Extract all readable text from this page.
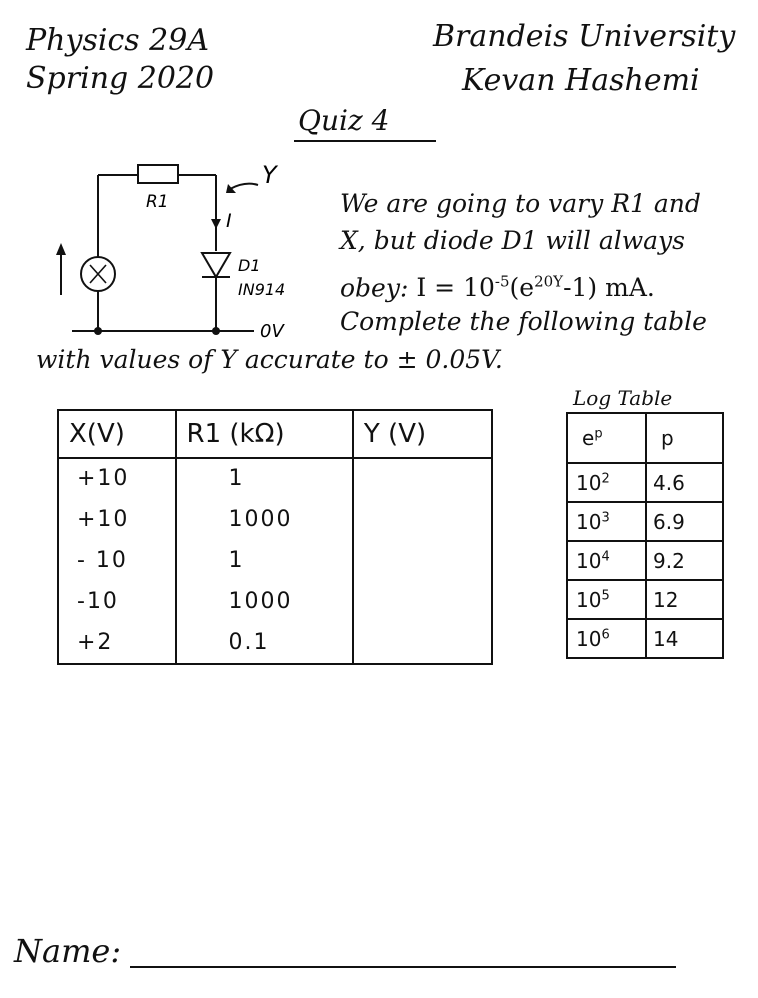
Physics 29A
Spring 2020
Brandeis University
Kevan Hashemi
Quiz 4
R1
I
Y
D1
IN914
0V
We are going to vary R1 and
X, but diode D1 will always
obey: $I = 10^{-5}(e^{20Y}-1)$ mA.
Complete the following table
with values of Y accurate to ± 0.05V.
X(V)	R1 (kΩ)	Y (V)
+10	1	
+10	1000	
- 10	1	
-10	1000	
+2	0.1	
Log Table
$e^p$	p
$10^2$	4.6
$10^3$	6.9
$10^4$	9.2
$10^5$	12
$10^6$	14
Name:
